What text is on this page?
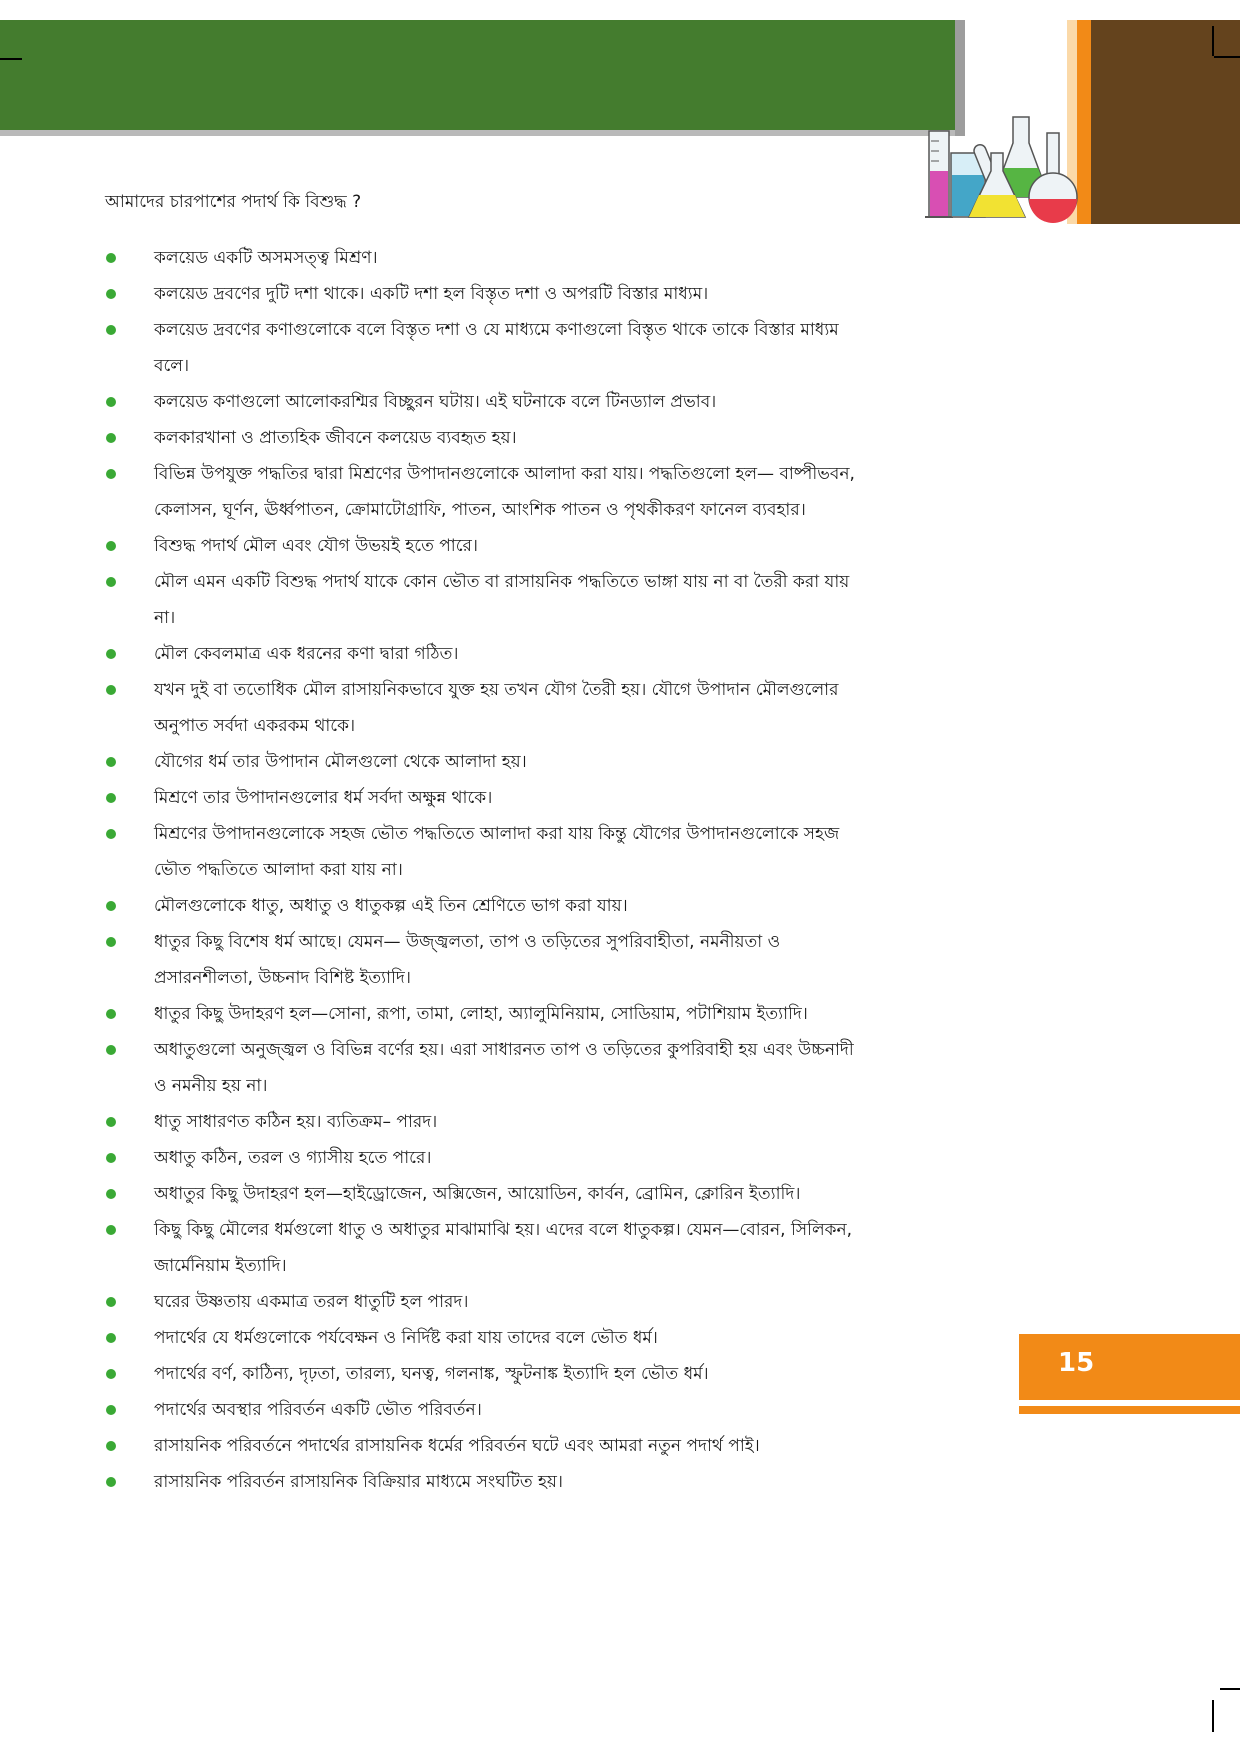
আমাদের চারপাশের পদার্থ কি বিশুদ্ধ ?
কলয়েড একটি অসমসত্ত্ব মিশ্রণ।
কলয়েড দ্রবণের দুটি দশা থাকে। একটি দশা হল বিস্তৃত দশা ও অপরটি বিস্তার মাধ্যম।
কলয়েড দ্রবণের কণাগুলোকে বলে বিস্তৃত দশা ও যে মাধ্যমে কণাগুলো বিস্তৃত থাকে তাকে বিস্তার মাধ্যম বলে।
কলয়েড কণাগুলো আলোকরশ্মির বিচ্ছুরন ঘটায়। এই ঘটনাকে বলে টিনড্যাল প্রভাব।
কলকারখানা ও প্রাত্যহিক জীবনে কলয়েড ব্যবহৃত হয়।
বিভিন্ন উপযুক্ত পদ্ধতির দ্বারা মিশ্রণের উপাদানগুলোকে আলাদা করা যায়। পদ্ধতিগুলো হল— বাষ্পীভবন, কেলাসন, ঘূর্ণন, ঊর্ধ্বপাতন, ক্রোমাটোগ্রাফি, পাতন, আংশিক পাতন ও পৃথকীকরণ ফানেল ব্যবহার।
বিশুদ্ধ পদার্থ মৌল এবং যৌগ উভয়ই হতে পারে।
মৌল এমন একটি বিশুদ্ধ পদার্থ যাকে কোন ভৌত বা রাসায়নিক পদ্ধতিতে ভাঙ্গা যায় না বা তৈরী করা যায় না।
মৌল কেবলমাত্র এক ধরনের কণা দ্বারা গঠিত।
যখন দুই বা ততোধিক মৌল রাসায়নিকভাবে যুক্ত হয় তখন যৌগ তৈরী হয়। যৌগে উপাদান মৌলগুলোর অনুপাত সর্বদা একরকম থাকে।
যৌগের ধর্ম তার উপাদান মৌলগুলো থেকে আলাদা হয়।
মিশ্রণে তার উপাদানগুলোর ধর্ম সর্বদা অক্ষুন্ন থাকে।
মিশ্রণের উপাদানগুলোকে সহজ ভৌত পদ্ধতিতে আলাদা করা যায় কিন্তু যৌগের উপাদানগুলোকে সহজ ভৌত পদ্ধতিতে আলাদা করা যায় না।
মৌলগুলোকে ধাতু, অধাতু ও ধাতুকল্প এই তিন শ্রেণিতে ভাগ করা যায়।
ধাতুর কিছু বিশেষ ধর্ম আছে। যেমন— উজ্জ্বলতা, তাপ ও তড়িতের সুপরিবাহীতা, নমনীয়তা ও প্রসারনশীলতা, উচ্চনাদ বিশিষ্ট ইত্যাদি।
ধাতুর কিছু উদাহরণ হল—সোনা, রূপা, তামা, লোহা, অ্যালুমিনিয়াম, সোডিয়াম, পটাশিয়াম ইত্যাদি।
অধাতুগুলো অনুজ্জ্বল ও বিভিন্ন বর্ণের হয়। এরা সাধারনত তাপ ও তড়িতের কুপরিবাহী হয় এবং উচ্চনাদী ও নমনীয় হয় না।
ধাতু সাধারণত কঠিন হয়। ব্যতিক্রম– পারদ।
অধাতু কঠিন, তরল ও গ্যাসীয় হতে পারে।
অধাতুর কিছু উদাহরণ হল—হাইড্রোজেন, অক্সিজেন, আয়োডিন, কার্বন, ব্রোমিন, ক্লোরিন ইত্যাদি।
কিছু কিছু মৌলের ধর্মগুলো ধাতু ও অধাতুর মাঝামাঝি হয়। এদের বলে ধাতুকল্প। যেমন—বোরন, সিলিকন, জার্মেনিয়াম ইত্যাদি।
ঘরের উষ্ণতায় একমাত্র তরল ধাতুটি হল পারদ।
পদার্থের যে ধর্মগুলোকে পর্যবেক্ষন ও নির্দিষ্ট করা যায় তাদের বলে ভৌত ধর্ম।
পদার্থের বর্ণ, কাঠিন্য, দৃঢ়তা, তারল্য, ঘনত্ব, গলনাঙ্ক, স্ফুটনাঙ্ক ইত্যাদি হল ভৌত ধর্ম।
পদার্থের অবস্থার পরিবর্তন একটি ভৌত পরিবর্তন।
রাসায়নিক পরিবর্তনে পদার্থের রাসায়নিক ধর্মের পরিবর্তন ঘটে এবং আমরা নতুন পদার্থ পাই।
রাসায়নিক পরিবর্তন রাসায়নিক বিক্রিয়ার মাধ্যমে সংঘটিত হয়।
15
